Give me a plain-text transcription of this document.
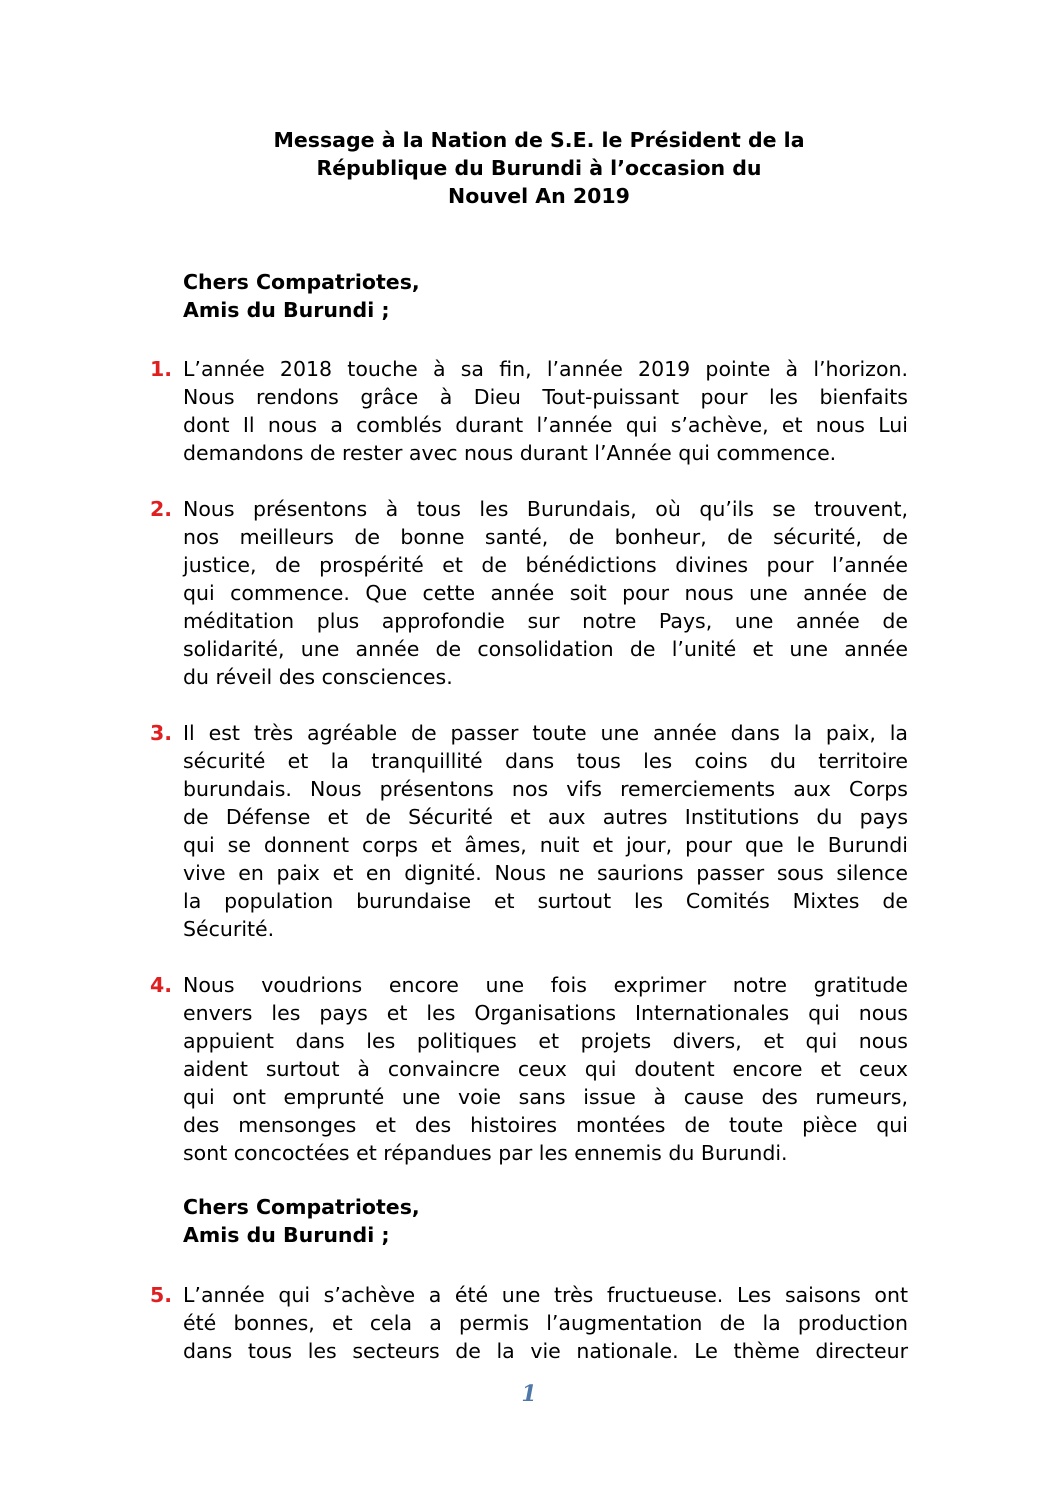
Message à la Nation de S.E. le Président de la
République du Burundi à l’occasion du
Nouvel An 2019
Chers Compatriotes,
Amis du Burundi ;
1. L’année 2018 touche à sa fin, l’année 2019 pointe à l’horizon.
Nous rendons grâce à Dieu Tout-puissant pour les bienfaits
dont Il nous a comblés durant l’année qui s’achève, et nous Lui
demandons de rester avec nous durant l’Année qui commence.
2. Nous présentons à tous les Burundais, où qu’ils se trouvent,
nos meilleurs de bonne santé, de bonheur, de sécurité, de
justice, de prospérité et de bénédictions divines pour l’année
qui commence. Que cette année soit pour nous une année de
méditation plus approfondie sur notre Pays, une année de
solidarité, une année de consolidation de l’unité et une année
du réveil des consciences.
3. Il est très agréable de passer toute une année dans la paix, la
sécurité et la tranquillité dans tous les coins du territoire
burundais. Nous présentons nos vifs remerciements aux Corps
de Défense et de Sécurité et aux autres Institutions du pays
qui se donnent corps et âmes, nuit et jour, pour que le Burundi
vive en paix et en dignité. Nous ne saurions passer sous silence
la population burundaise et surtout les Comités Mixtes de
Sécurité.
4. Nous voudrions encore une fois exprimer notre gratitude
envers les pays et les Organisations Internationales qui nous
appuient dans les politiques et projets divers, et qui nous
aident surtout à convaincre ceux qui doutent encore et ceux
qui ont emprunté une voie sans issue à cause des rumeurs,
des mensonges et des histoires montées de toute pièce qui
sont concoctées et répandues par les ennemis du Burundi.
Chers Compatriotes,
Amis du Burundi ;
5. L’année qui s’achève a été une très fructueuse. Les saisons ont
été bonnes, et cela a permis l’augmentation de la production
dans tous les secteurs de la vie nationale. Le thème directeur
1
